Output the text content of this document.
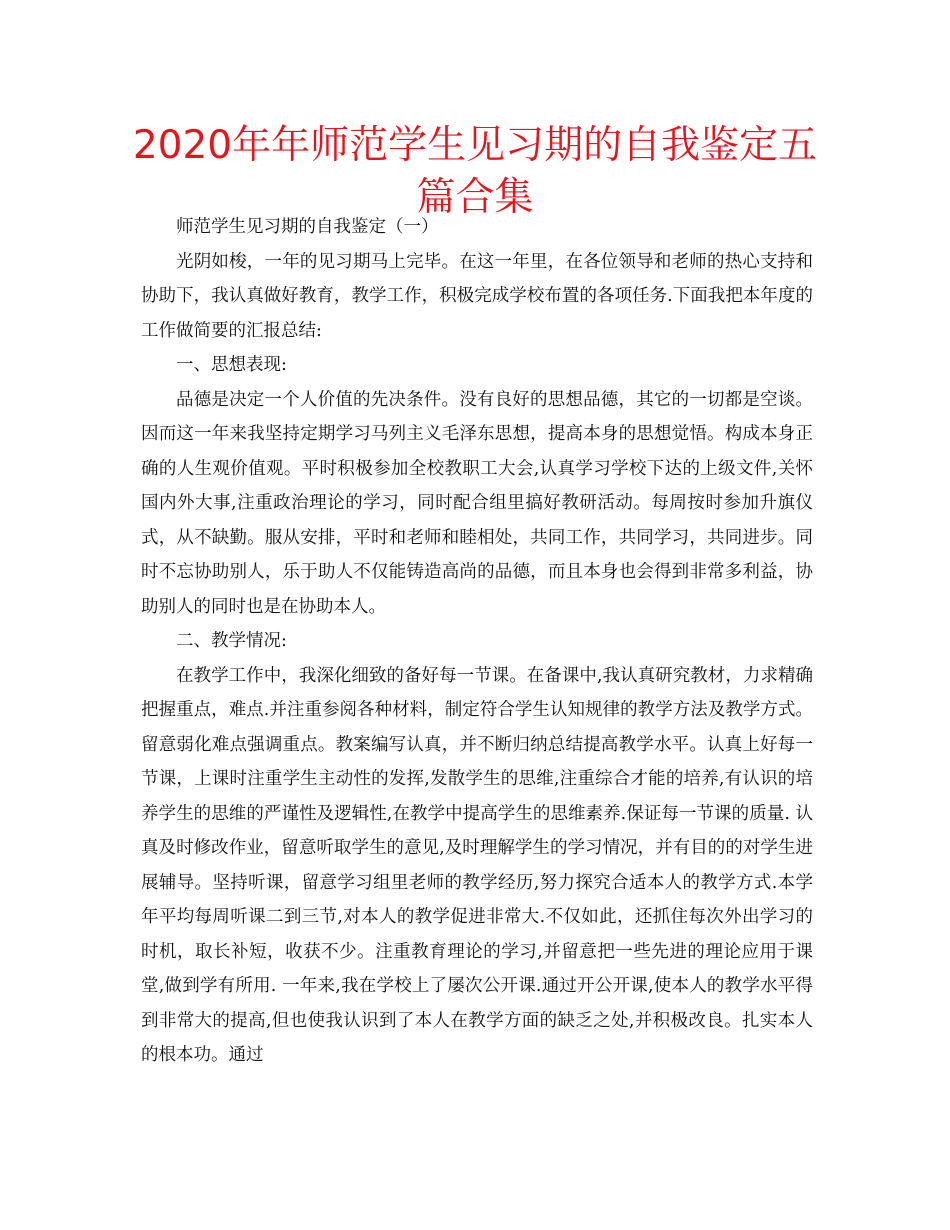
2020年年师范学生见习期的自我鉴定五篇合集

师范学生见习期的自我鉴定（一）

光阴如梭，一年的见习期马上完毕。在这一年里，在各位领导和老师的热心支持和协助下，我认真做好教育，教学工作，积极完成学校布置的各项任务.下面我把本年度的工作做简要的汇报总结:

一、思想表现:

品德是决定一个人价值的先决条件。没有良好的思想品德，其它的一切都是空谈。因而这一年来我坚持定期学习马列主义毛泽东思想，提高本身的思想觉悟。构成本身正确的人生观价值观。平时积极参加全校教职工大会,认真学习学校下达的上级文件,关怀国内外大事,注重政治理论的学习，同时配合组里搞好教研活动。每周按时参加升旗仪式，从不缺勤。服从安排，平时和老师和睦相处，共同工作，共同学习，共同进步。同时不忘协助别人，乐于助人不仅能铸造高尚的品德，而且本身也会得到非常多利益，协助别人的同时也是在协助本人。

二、教学情况:

在教学工作中，我深化细致的备好每一节课。在备课中,我认真研究教材，力求精确把握重点，难点.并注重参阅各种材料，制定符合学生认知规律的教学方法及教学方式。留意弱化难点强调重点。教案编写认真，并不断归纳总结提高教学水平。认真上好每一节课，上课时注重学生主动性的发挥,发散学生的思维,注重综合才能的培养,有认识的培养学生的思维的严谨性及逻辑性,在教学中提高学生的思维素养.保证每一节课的质量. 认真及时修改作业，留意听取学生的意见,及时理解学生的学习情况，并有目的的对学生进展辅导。坚持听课，留意学习组里老师的教学经历,努力探究合适本人的教学方式.本学年平均每周听课二到三节,对本人的教学促进非常大.不仅如此，还抓住每次外出学习的时机，取长补短，收获不少。注重教育理论的学习,并留意把一些先进的理论应用于课堂,做到学有所用. 一年来,我在学校上了屡次公开课.通过开公开课,使本人的教学水平得到非常大的提高,但也使我认识到了本人在教学方面的缺乏之处,并积极改良。扎实本人的根本功。通过
